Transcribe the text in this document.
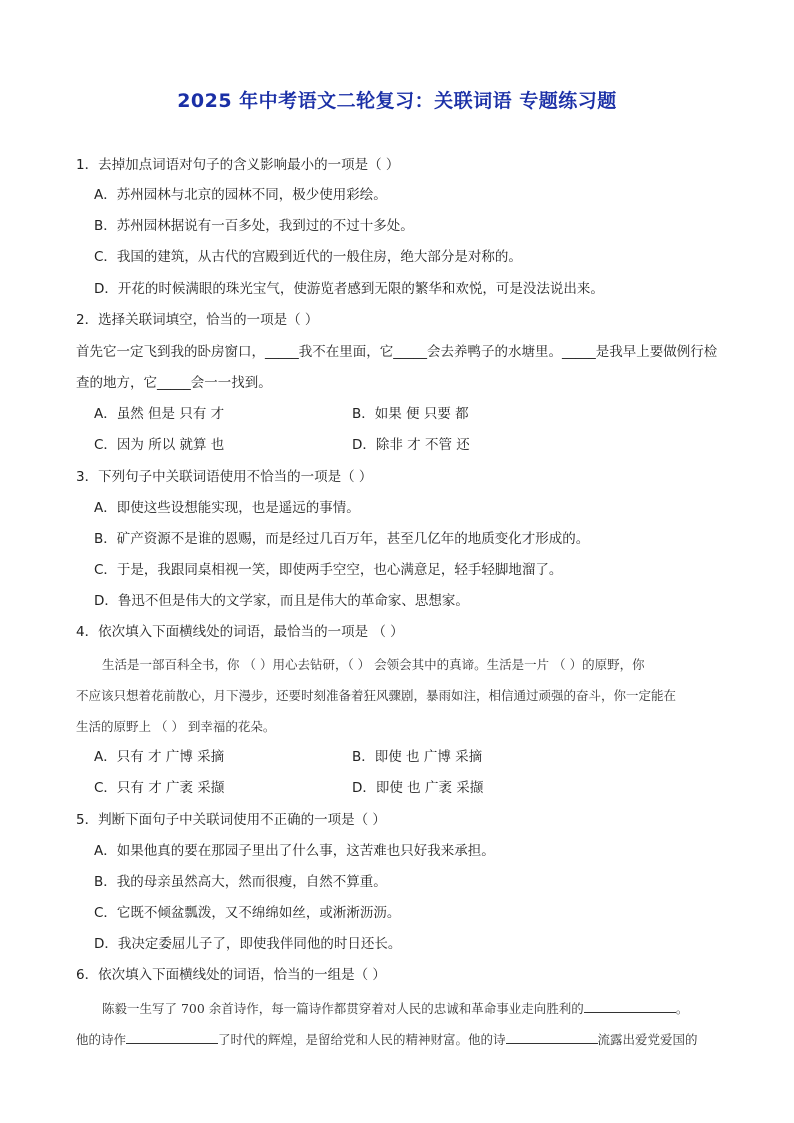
2025 年中考语文二轮复习：关联词语 专题练习题
1．去掉加点词语对句子的含义影响最小的一项是（ ）
A．苏州园林与北京的园林不同，极少使用彩绘。
B．苏州园林据说有一百多处，我到过的不过十多处。
C．我国的建筑，从古代的宫殿到近代的一般住房，绝大部分是对称的。
D．开花的时候满眼的珠光宝气，使游览者感到无限的繁华和欢悦，可是没法说出来。
2．选择关联词填空，恰当的一项是（ ）
首先它一定飞到我的卧房窗口，_____我不在里面，它_____会去养鸭子的水塘里。_____是我早上要做例行检
查的地方，它_____会一一找到。
A．虽然 但是 只有 才	B．如果 便 只要 都
C．因为 所以 就算 也	D．除非 才 不管 还
3．下列句子中关联词语使用不恰当的一项是（ ）
A．即使这些设想能实现，也是遥远的事情。
B．矿产资源不是谁的恩赐，而是经过几百万年，甚至几亿年的地质变化才形成的。
C．于是，我跟同桌相视一笑，即使两手空空，也心满意足，轻手轻脚地溜了。
D．鲁迅不但是伟大的文学家，而且是伟大的革命家、思想家。
4．依次填入下面横线处的词语，最恰当的一项是 （ ）
生活是一部百科全书，你 （ ）用心去钻研，（ ） 会领会其中的真谛。生活是一片 （ ）的原野，你
不应该只想着花前散心，月下漫步，还要时刻准备着狂风骤剧，暴雨如注，相信通过顽强的奋斗，你一定能在
生活的原野上 （ ） 到幸福的花朵。
A．只有 才 广博 采摘	B．即使 也 广博 采摘
C．只有 才 广袤 采撷	D．即使 也 广袤 采撷
5．判断下面句子中关联词使用不正确的一项是（ ）
A．如果他真的要在那园子里出了什么事，这苦难也只好我来承担。
B．我的母亲虽然高大，然而很瘦，自然不算重。
C．它既不倾盆瓢泼，又不绵绵如丝，或淅淅沥沥。
D．我决定委屈儿子了，即使我伴同他的时日还长。
6．依次填入下面横线处的词语，恰当的一组是（ ）
陈毅一生写了 700 余首诗作，每一篇诗作都贯穿着对人民的忠诚和革命事业走向胜利的	。
他的诗作	了时代的辉煌，是留给党和人民的精神财富。他的诗	流露出爱党爱国的
